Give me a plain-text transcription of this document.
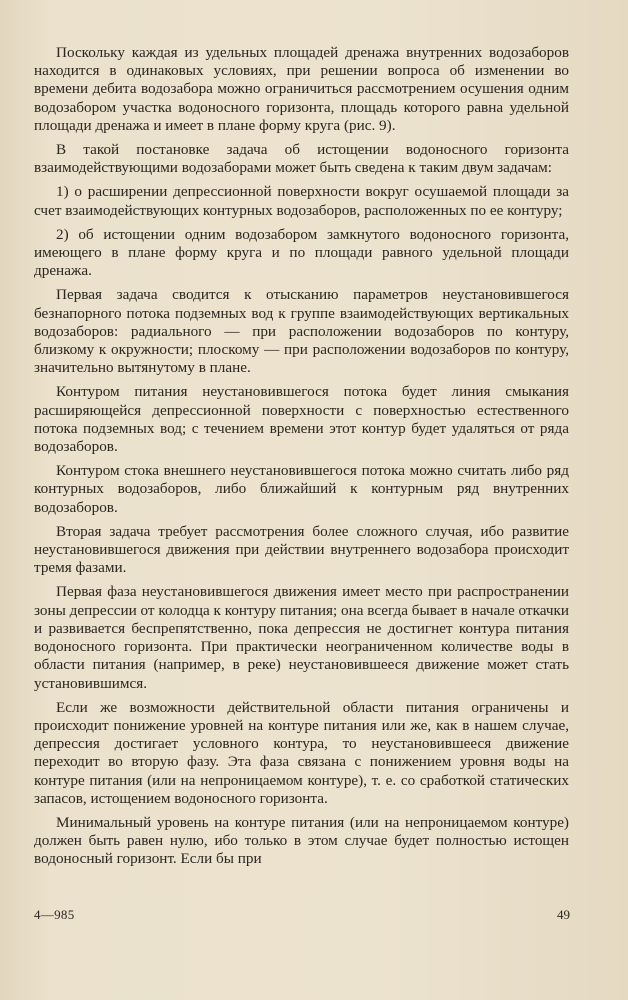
Поскольку каждая из удельных площадей дренажа внутренних водозаборов находится в одинаковых условиях, при решении вопроса об изменении во времени дебита водозабора можно ограничиться рассмотрением осушения одним водозабором участка водоносного горизонта, площадь которого равна удельной площади дренажа и имеет в плане форму круга (рис. 9).

В такой постановке задача об истощении водоносного горизонта взаимодействующими водозаборами может быть сведена к таким двум задачам:

1) о расширении депрессионной поверхности вокруг осушаемой площади за счет взаимодействующих контурных водозаборов, расположенных по ее контуру;

2) об истощении одним водозабором замкнутого водоносного горизонта, имеющего в плане форму круга и по площади равного удельной площади дренажа.

Первая задача сводится к отысканию параметров неустановившегося безнапорного потока подземных вод к группе взаимодействующих вертикальных водозаборов: радиального — при расположении водозаборов по контуру, близкому к окружности; плоскому — при расположении водозаборов по контуру, значительно вытянутому в плане.

Контуром питания неустановившегося потока будет линия смыкания расширяющейся депрессионной поверхности с поверхностью естественного потока подземных вод; с течением времени этот контур будет удаляться от ряда водозаборов.

Контуром стока внешнего неустановившегося потока можно считать либо ряд контурных водозаборов, либо ближайший к контурным ряд внутренних водозаборов.

Вторая задача требует рассмотрения более сложного случая, ибо развитие неустановившегося движения при действии внутреннего водозабора происходит тремя фазами.

Первая фаза неустановившегося движения имеет место при распространении зоны депрессии от колодца к контуру питания; она всегда бывает в начале откачки и развивается беспрепятственно, пока депрессия не достигнет контура питания водоносного горизонта. При практически неограниченном количестве воды в области питания (например, в реке) неустановившееся движение может стать установившимся.

Если же возможности действительной области питания ограничены и происходит понижение уровней на контуре питания или же, как в нашем случае, депрессия достигает условного контура, то неустановившееся движение переходит во вторую фазу. Эта фаза связана с понижением уровня воды на контуре питания (или на непроницаемом контуре), т. е. со сработкой статических запасов, истощением водоносного горизонта.

Минимальный уровень на контуре питания (или на непроницаемом контуре) должен быть равен нулю, ибо только в этом случае будет полностью истощен водоносный горизонт. Если бы при

4—985	49
